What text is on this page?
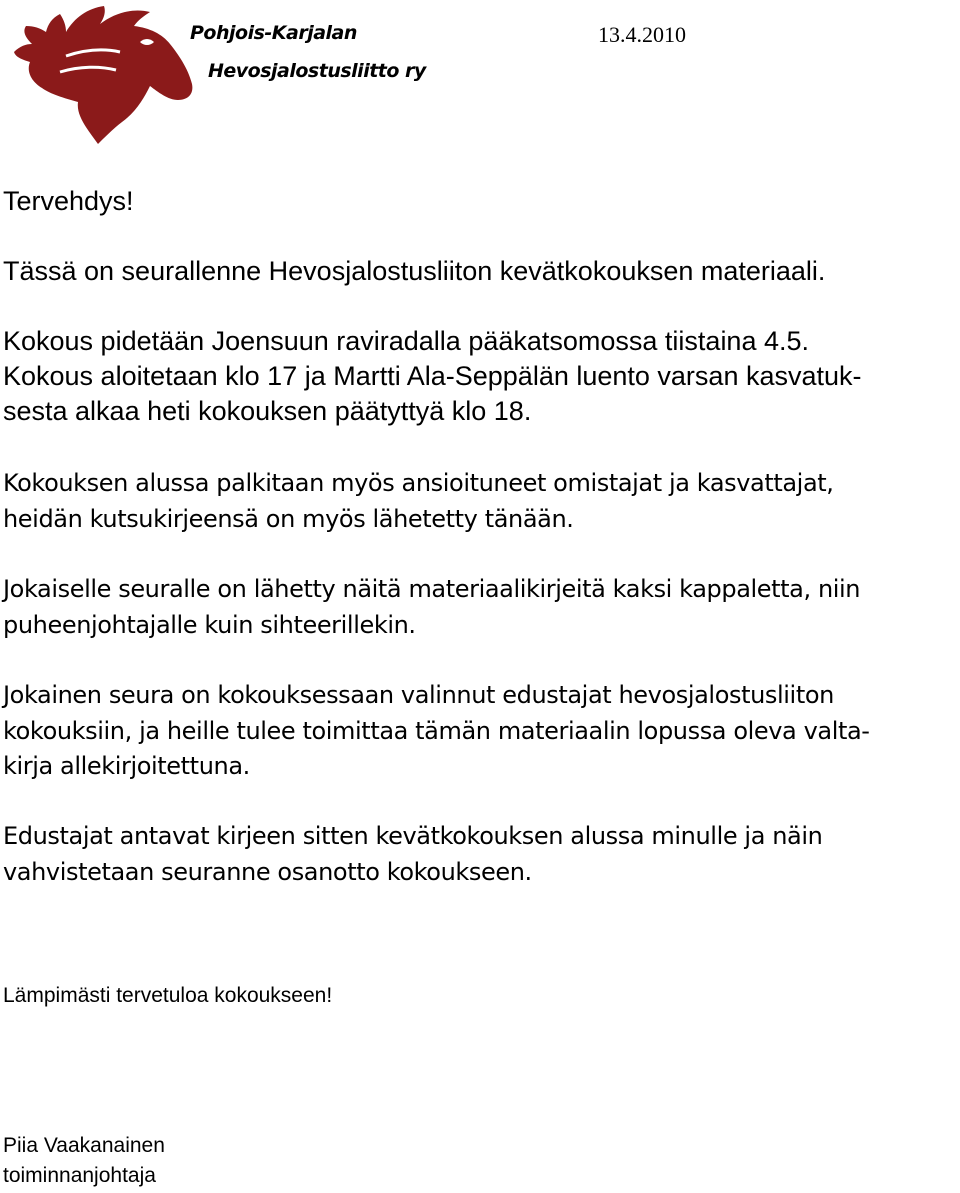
Pohjois-Karjalan
Hevosjalostusliitto ry
13.4.2010
Tervehdys!
Tässä on seurallenne Hevosjalostusliiton kevätkokouksen materiaali.
Kokous pidetään Joensuun raviradalla pääkatsomossa tiistaina 4.5.
Kokous aloitetaan klo 17 ja Martti Ala-Seppälän luento varsan kasvatuk-
sesta alkaa heti kokouksen päätyttyä klo 18.
Kokouksen alussa palkitaan myös ansioituneet omistajat ja kasvattajat,
heidän kutsukirjeensä on myös lähetetty tänään.
Jokaiselle seuralle on lähetty näitä materiaalikirjeitä kaksi kappaletta, niin
puheenjohtajalle kuin sihteerillekin.
Jokainen seura on kokouksessaan valinnut edustajat hevosjalostusliiton
kokouksiin, ja heille tulee toimittaa tämän materiaalin lopussa oleva valta-
kirja allekirjoitettuna.
Edustajat antavat kirjeen sitten kevätkokouksen alussa minulle ja näin
vahvistetaan seuranne osanotto kokoukseen.
Lämpimästi tervetuloa kokoukseen!
Piia Vaakanainen
toiminnanjohtaja
